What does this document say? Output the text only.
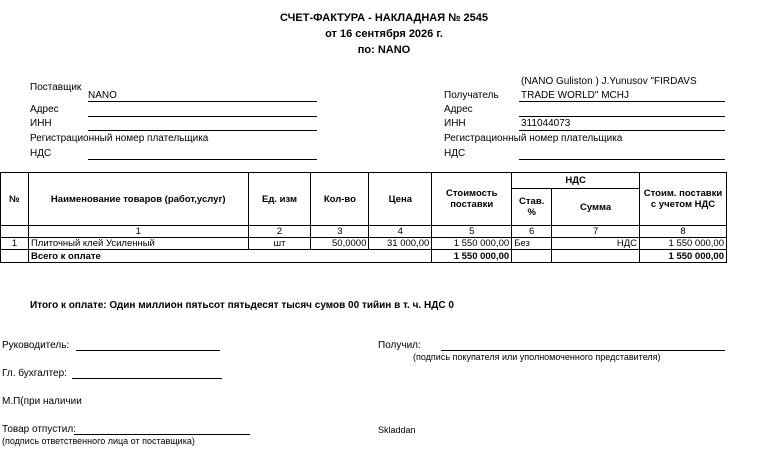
СЧЕТ-ФАКТУРА - НАКЛАДНАЯ № 2545
от 16 сентября 2026 г.
по: NANO
Поставщик
NANO
Адрес
ИНН
Регистрационный номер плательщика
НДС
(NANO Guliston ) J.Yunusov "FIRDAVS
Получатель TRADE WORLD" MCHJ
Адрес
ИНН	311044073
Регистрационный номер плательщика
НДС
№	Наименование товаров (работ,услуг)	Ед. изм	Кол-во	Цена	Стоимость поставки	НДС		Стоим. поставки с учетом НДС
						Став. %	Сумма	
	1	2	3	4	5	6	7	8
1	Плиточный клей Усиленный	шт	50,0000	31 000,00	1 550 000,00	Без	НДС	1 550 000,00
	Всего к оплате				1 550 000,00			1 550 000,00
Итого к оплате: Один миллион пятьсот пятьдесят тысяч сумов 00 тийин в т. ч. НДС 0
Руководитель:
Гл. бухгалтер:
М.П(при наличии
Товар отпустил:
(подпись ответственного лица от поставщика)
Получил:
(подпись покупателя или уполномоченного представителя)
Skladdan
